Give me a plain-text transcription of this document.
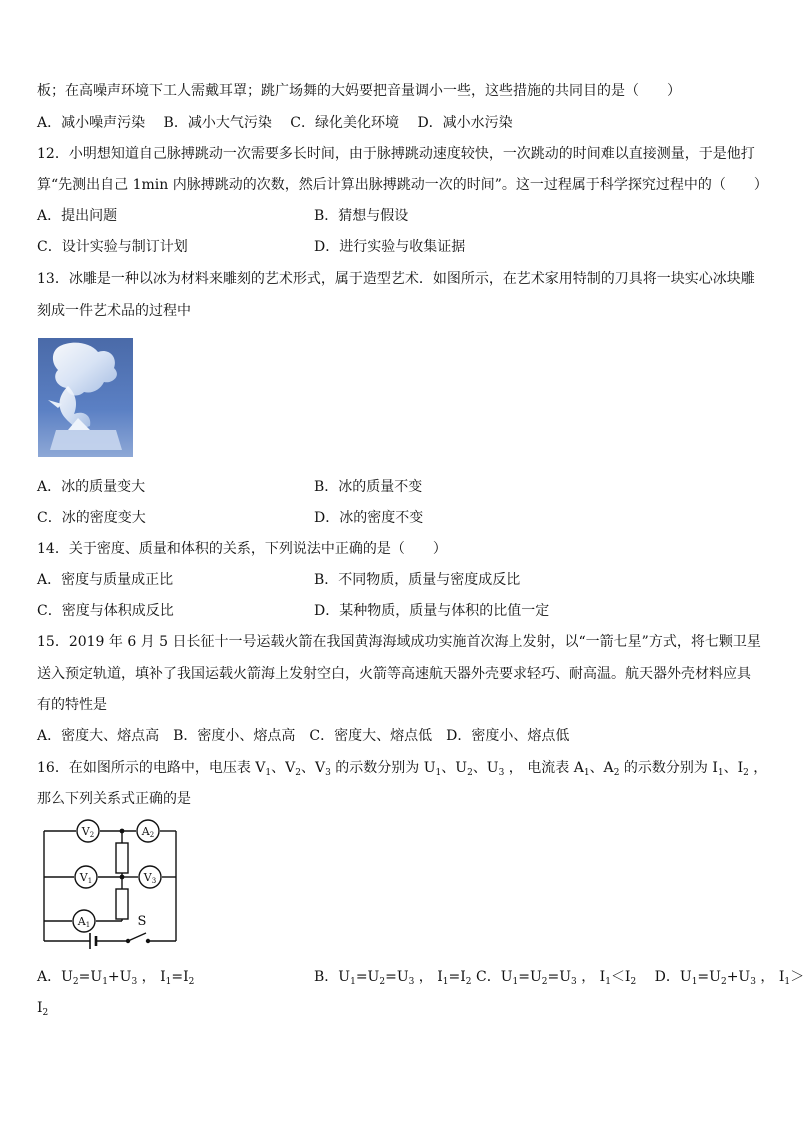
板；在高噪声环境下工人需戴耳罩；跳广场舞的大妈要把音量调小一些，这些措施的共同目的是（　　）
A．减小噪声污染　 B．减小大气污染　 C．绿化美化环境　 D．减小水污染
12．小明想知道自己脉搏跳动一次需要多长时间，由于脉搏跳动速度较快，一次跳动的时间难以直接测量，于是他打
算“先测出自己 1min 内脉搏跳动的次数，然后计算出脉搏跳动一次的时间”。这一过程属于科学探究过程中的（　　）
A．提出问题	B．猜想与假设
C．设计实验与制订计划	D．进行实验与收集证据
13．冰雕是一种以冰为材料来雕刻的艺术形式，属于造型艺术．如图所示，在艺术家用特制的刀具将一块实心冰块雕
刻成一件艺术品的过程中
A．冰的质量变大	B．冰的质量不变
C．冰的密度变大	D．冰的密度不变
14．关于密度、质量和体积的关系，下列说法中正确的是（　　）
A．密度与质量成正比	B．不同物质，质量与密度成反比
C．密度与体积成反比	D．某种物质，质量与体积的比值一定
15．2019 年 6 月 5 日长征十一号运载火箭在我国黄海海域成功实施首次海上发射，以“一箭七星”方式，将七颗卫星
送入预定轨道，填补了我国运载火箭海上发射空白，火箭等高速航天器外壳要求轻巧、耐高温。航天器外壳材料应具
有的特性是
A．密度大、熔点高　B．密度小、熔点高　C．密度大、熔点低　D．密度小、熔点低
16．在如图所示的电路中，电压表 $V_1$、$V_2$、$V_3$ 的示数分别为 $U_1$、$U_2$、$U_3$ ， 电流表 $A_1$、$A_2$ 的示数分别为 $I_1$、$I_2$ ，
那么下列关系式正确的是
V2	A2
V1	V3
A1	S
A．$U_2=U_1+U_3$ ， $I_1=I_2$	B．$U_1=U_2=U_3$ ， $I_1=I_2$ C．$U_1=U_2=U_3$ ， $I_1<I_2$　 D．$U_1=U_2+U_3$ ， $I_1>$
$I_2$
